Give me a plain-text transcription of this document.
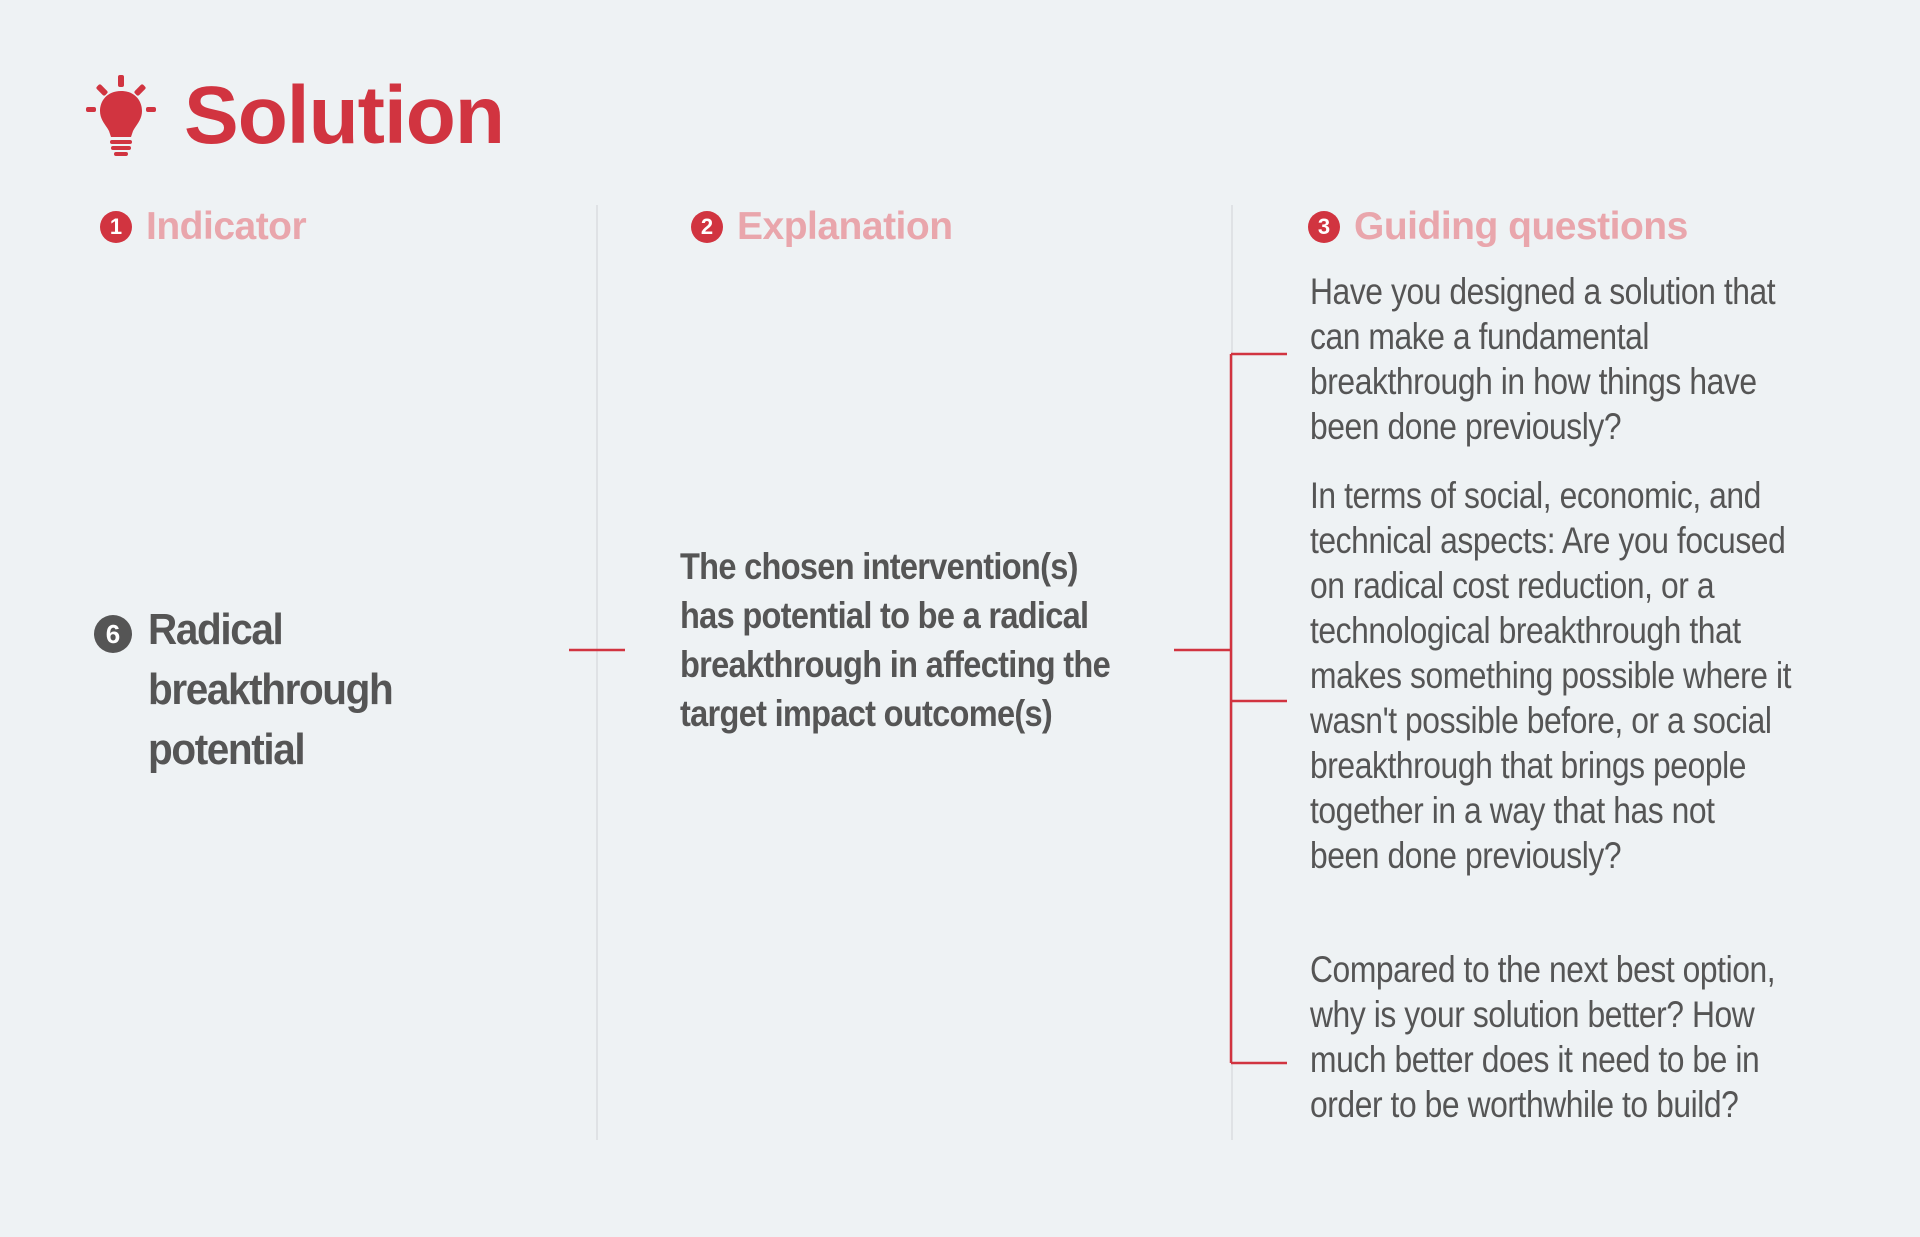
Solution
1 Indicator	2 Explanation	3 Guiding questions
6 Radical breakthrough potential
The chosen intervention(s) has potential to be a radical breakthrough in affecting the target impact outcome(s)
Have you designed a solution that can make a fundamental breakthrough in how things have been done previously?
In terms of social, economic, and technical aspects: Are you focused on radical cost reduction, or a technological breakthrough that makes something possible where it wasn't possible before, or a social breakthrough that brings people together in a way that has not been done previously?
Compared to the next best option, why is your solution better? How much better does it need to be in order to be worthwhile to build?
